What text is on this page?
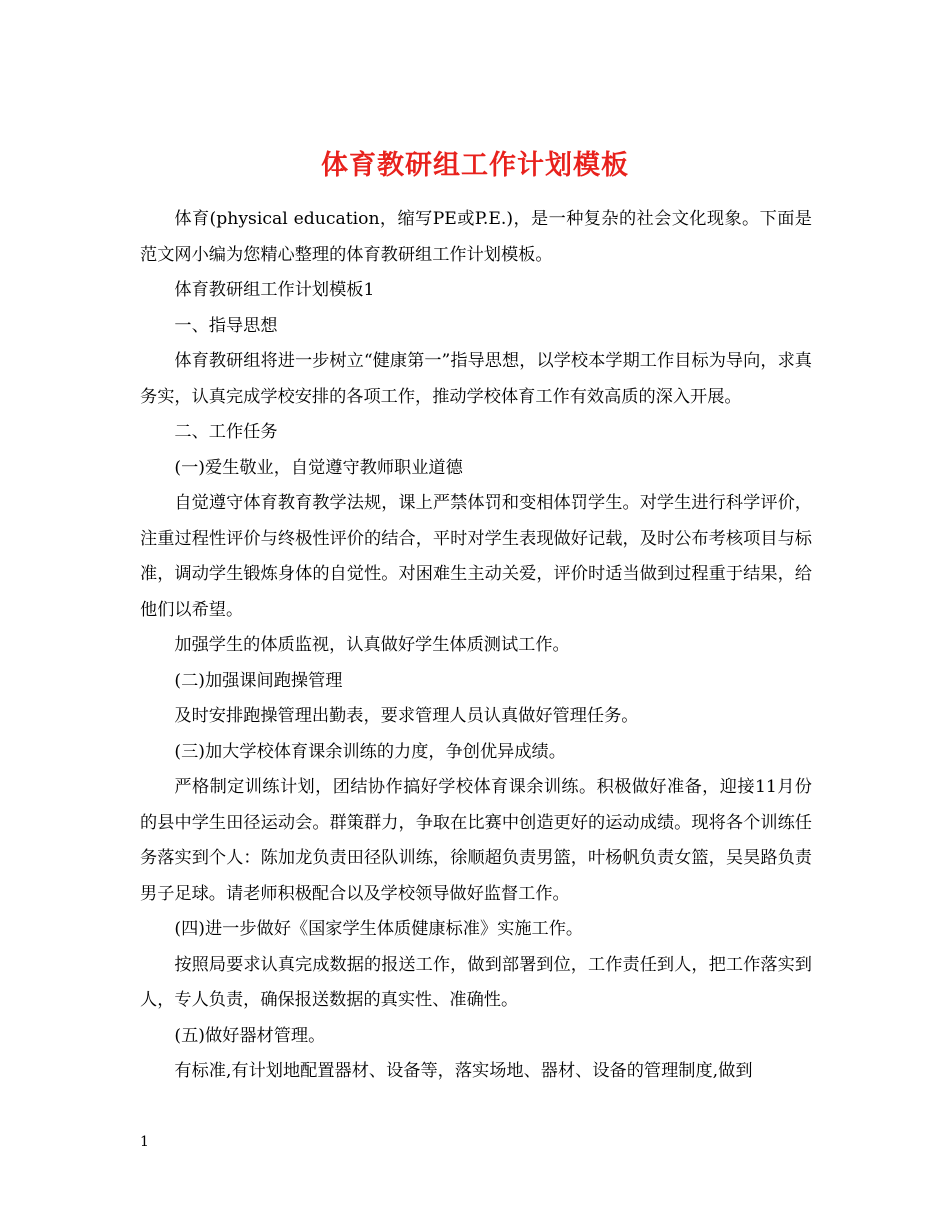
体育教研组工作计划模板

体育(physical education，缩写PE或P.E.)，是一种复杂的社会文化现象。下面是范文网小编为您精心整理的体育教研组工作计划模板。

体育教研组工作计划模板1

一、指导思想

体育教研组将进一步树立“健康第一”指导思想，以学校本学期工作目标为导向，求真务实，认真完成学校安排的各项工作，推动学校体育工作有效高质的深入开展。

二、工作任务

(一)爱生敬业，自觉遵守教师职业道德

自觉遵守体育教育教学法规，课上严禁体罚和变相体罚学生。对学生进行科学评价，注重过程性评价与终极性评价的结合，平时对学生表现做好记载，及时公布考核项目与标准，调动学生锻炼身体的自觉性。对困难生主动关爱，评价时适当做到过程重于结果，给他们以希望。

加强学生的体质监视，认真做好学生体质测试工作。

(二)加强课间跑操管理

及时安排跑操管理出勤表，要求管理人员认真做好管理任务。

(三)加大学校体育课余训练的力度，争创优异成绩。

严格制定训练计划，团结协作搞好学校体育课余训练。积极做好准备，迎接11月份的县中学生田径运动会。群策群力，争取在比赛中创造更好的运动成绩。现将各个训练任务落实到个人：陈加龙负责田径队训练，徐顺超负责男篮，叶杨帆负责女篮，吴昊路负责男子足球。请老师积极配合以及学校领导做好监督工作。

(四)进一步做好《国家学生体质健康标准》实施工作。

按照局要求认真完成数据的报送工作，做到部署到位，工作责任到人，把工作落实到人，专人负责，确保报送数据的真实性、准确性。

(五)做好器材管理。

有标准,有计划地配置器材、设备等，落实场地、器材、设备的管理制度,做到

1
